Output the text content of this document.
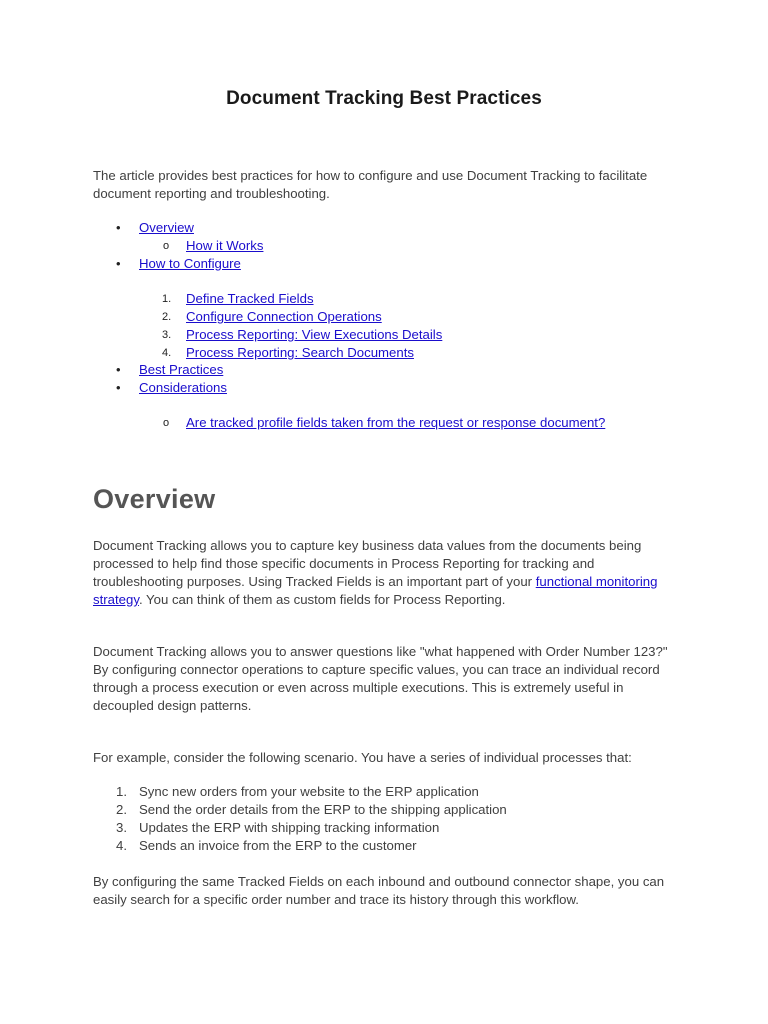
Document Tracking Best Practices
The article provides best practices for how to configure and use Document Tracking to facilitate document reporting and troubleshooting.
• Overview
o How it Works
• How to Configure
1. Define Tracked Fields
2. Configure Connection Operations
3. Process Reporting: View Executions Details
4. Process Reporting: Search Documents
• Best Practices
• Considerations
o Are tracked profile fields taken from the request or response document?
Overview
Document Tracking allows you to capture key business data values from the documents being processed to help find those specific documents in Process Reporting for tracking and troubleshooting purposes. Using Tracked Fields is an important part of your functional monitoring strategy. You can think of them as custom fields for Process Reporting.
Document Tracking allows you to answer questions like "what happened with Order Number 123?" By configuring connector operations to capture specific values, you can trace an individual record through a process execution or even across multiple executions. This is extremely useful in decoupled design patterns.
For example, consider the following scenario. You have a series of individual processes that:
1. Sync new orders from your website to the ERP application
2. Send the order details from the ERP to the shipping application
3. Updates the ERP with shipping tracking information
4. Sends an invoice from the ERP to the customer
By configuring the same Tracked Fields on each inbound and outbound connector shape, you can easily search for a specific order number and trace its history through this workflow.
